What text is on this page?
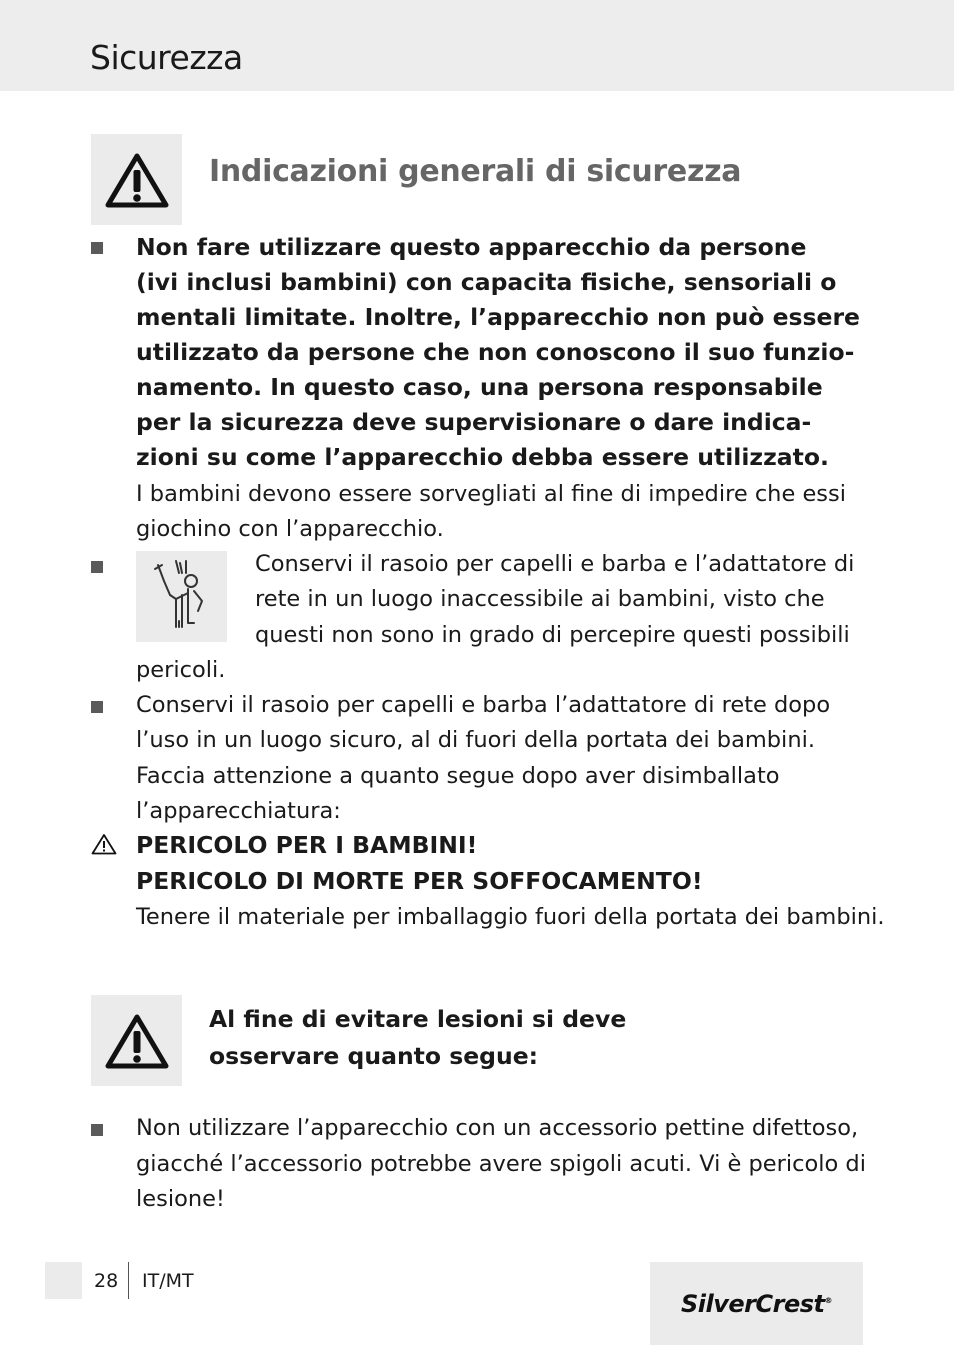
Sicurezza
Indicazioni generali di sicurezza
Non fare utilizzare questo apparecchio da persone
(ivi inclusi bambini) con capacita fisiche, sensoriali o
mentali limitate. Inoltre, l’apparecchio non può essere
utilizzato da persone che non conoscono il suo funzio-
namento. In questo caso, una persona responsabile
per la sicurezza deve supervisionare o dare indica-
zioni su come l’apparecchio debba essere utilizzato.
I bambini devono essere sorvegliati al fine di impedire che essi
giochino con l’apparecchio.
Conservi il rasoio per capelli e barba e l’adattatore di
rete in un luogo inaccessibile ai bambini, visto che
questi non sono in grado di percepire questi possibili
pericoli.
Conservi il rasoio per capelli e barba l’adattatore di rete dopo
l’uso in un luogo sicuro, al di fuori della portata dei bambini.
Faccia attenzione a quanto segue dopo aver disimballato
l’apparecchiatura:
PERICOLO PER I BAMBINI!
PERICOLO DI MORTE PER SOFFOCAMENTO!
Tenere il materiale per imballaggio fuori della portata dei bambini.
Al fine di evitare lesioni si deve
osservare quanto segue:
Non utilizzare l’apparecchio con un accessorio pettine difettoso,
giacché l’accessorio potrebbe avere spigoli acuti. Vi è pericolo di
lesione!
28 IT/MT
SilverCrest®
